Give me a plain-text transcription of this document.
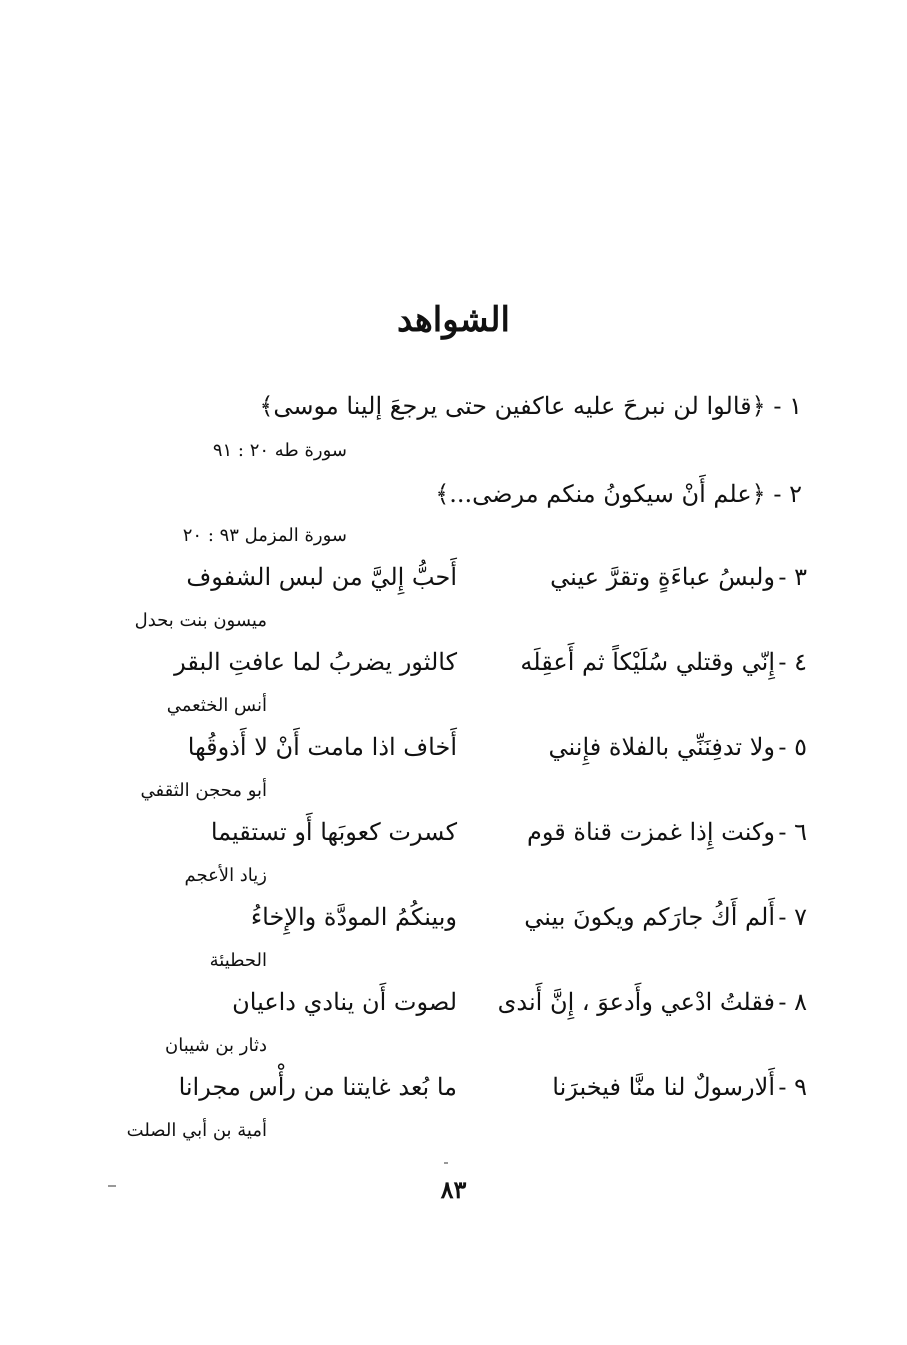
الشواهد
١ - ﴿قالوا لن نبرحَ عليه عاكفين حتى يرجعَ إلينا موسى﴾
سورة طه ٢٠ : ٩١
٢ - ﴿علم أَنْ سيكونُ منكم مرضى...﴾
سورة المزمل ٩٣ : ٢٠
٣ -
ولبسُ عباءَةٍ وتقرَّ عيني
أَحبُّ إِليَّ من لبس الشفوف
ميسون بنت بحدل
٤ -
إِنّي وقتلي سُلَيْكاً ثم أَعقِلَه
كالثور يضربُ لما عافتِ البقر
أنس الخثعمي
٥ -
ولا تدفِنَنِّي بالفلاة فإِنني
أَخاف اذا مامت أَنْ لا أَذوقُها
أبو محجن الثقفي
٦ -
وكنت إِذا غمزت قناة قوم
كسرت كعوبَها أَو تستقيما
زياد الأعجم
٧ -
أَلم أَكُ جارَكم ويكونَ بيني
وبينكُمُ المودَّة والإِخاءُ
الحطيئة
٨ -
فقلتُ ادْعي وأَدعوَ ، إِنَّ أَندى
لصوت أَن ينادي داعيان
دثار بن شيبان
٩ -
أَلارسولٌ لنا منَّا فيخبرَنا
ما بُعد غايتنا من رأْس مجرانا
أمية بن أبي الصلت
٨٣
